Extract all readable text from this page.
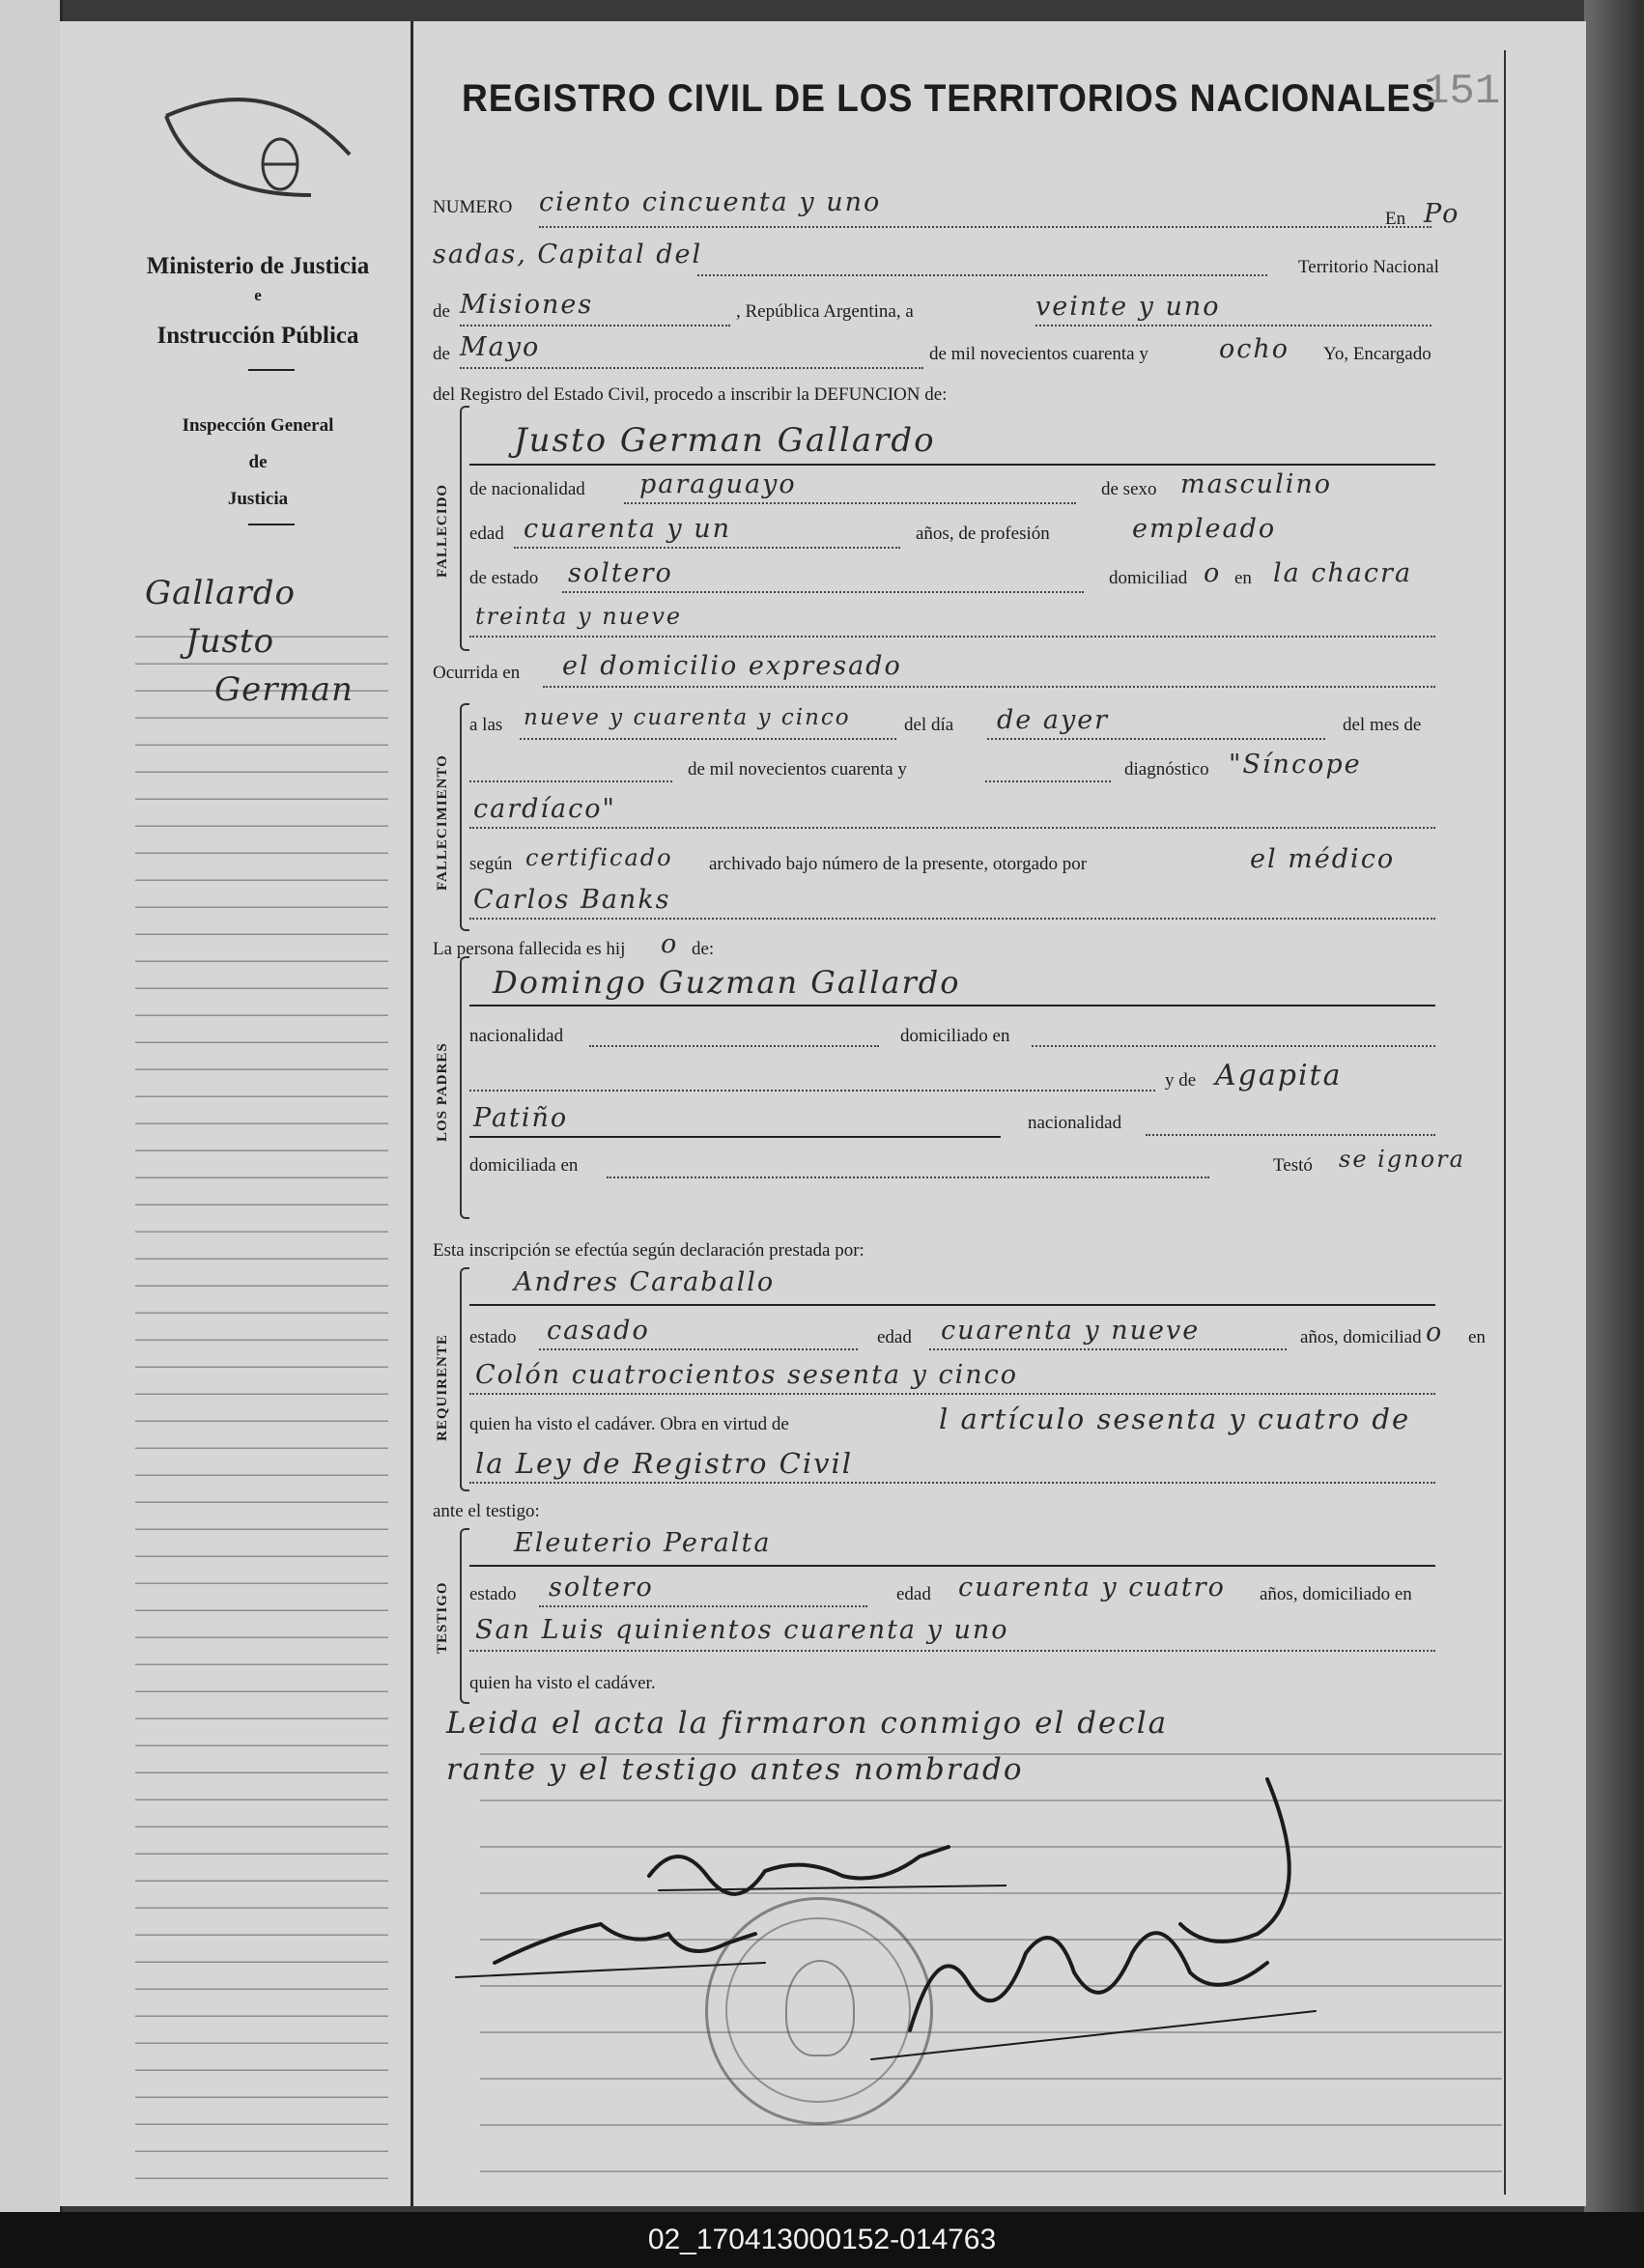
Ministerio de Justicia
e
Instrucción Pública
Inspección General
de
Justicia
Gallardo
Justo
German
REGISTRO CIVIL DE LOS TERRITORIOS NACIONALES
151
NUMERO ciento cincuenta y uno
En Po
sadas, Capital del	Territorio Nacional
de Misiones	, República Argentina, a	veinte y uno
de Mayo	de mil novecientos cuarenta y	ocho Yo, Encargado
del Registro del Estado Civil, procedo a inscribir la DEFUNCION de:
FALLECIDO
Justo German Gallardo
de nacionalidad paraguayo	de sexo masculino
edad cuarenta y un	años, de profesión	empleado
de estado soltero	domiciliad o en la chacra
treinta y nueve
Ocurrida en el domicilio expresado
FALLECIMIENTO
a las nueve y cuarenta y cinco	del día de ayer	del mes de
de mil novecientos cuarenta y	diagnóstico "Síncope
cardíaco"
según certificado archivado bajo número de la presente, otorgado por	el médico
Carlos Banks
La persona fallecida es hij o de:
LOS PADRES
Domingo Guzman Gallardo
nacionalidad	domiciliado en
y de Agapita
Patiño	nacionalidad
domiciliada en	Testó se ignora
Esta inscripción se efectúa según declaración prestada por:
REQUIRENTE
Andres Caraballo
estado casado	edad cuarenta y nueve	años, domiciliad o en
Colón cuatrocientos sesenta y cinco
quien ha visto el cadáver. Obra en virtud de	l artículo sesenta y cuatro de
la Ley de Registro Civil
ante el testigo:
TESTIGO
Eleuterio Peralta
estado soltero	edad cuarenta y cuatro años, domiciliado en
San Luis quinientos cuarenta y uno
quien ha visto el cadáver.
Leida el acta la firmaron conmigo el decla
rante y el testigo antes nombrado
02_170413000152-014763
